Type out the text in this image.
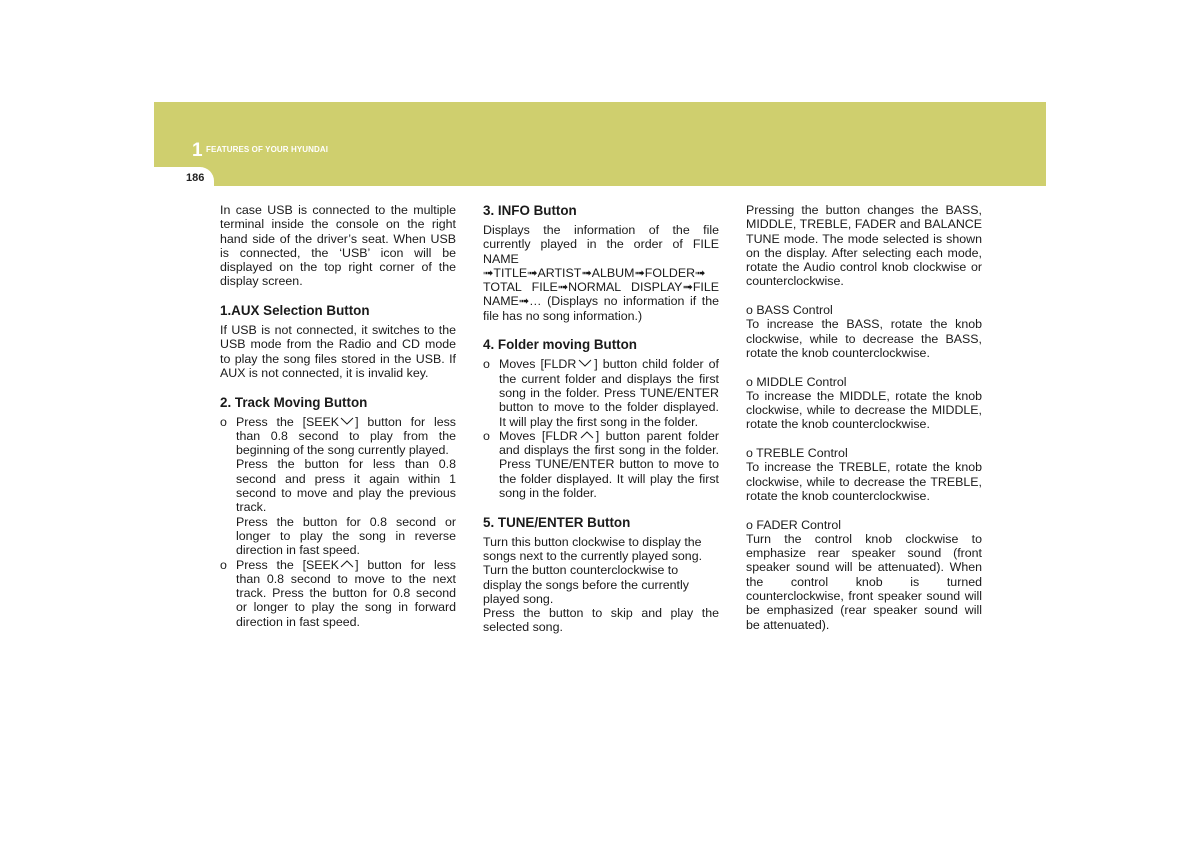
1 FEATURES OF YOUR HYUNDAI
186

In case USB is connected to the multiple terminal inside the console on the right hand side of the driver’s seat. When USB is connected, the ‘USB’ icon will be displayed on the top right corner of the display screen.

1.AUX Selection Button

If USB is not connected, it switches to the USB mode from the Radio and CD mode to play the song files stored in the USB. If AUX is not connected, it is invalid key.

2. Track Moving Button
o Press the [SEEK ] button for less than 0.8 second to play from the beginning of the song currently played.
Press the button for less than 0.8 second and press it again within 1 second to move and play the previous track.
Press the button for 0.8 second or longer to play the song in reverse direction in fast speed.
o Press the [SEEK ] button for less than 0.8 second to move to the next track. Press the button for 0.8 second or longer to play the song in forward direction in fast speed.
3. INFO Button

Displays the information of the file currently played in the order of FILE NAME ➟TITLE➟ARTIST➟ALBUM➟FOLDER➟ TOTAL FILE➟NORMAL DISPLAY➟FILE NAME➟… (Displays no information if the file has no song information.)

4. Folder moving Button
o Moves [FLDR ] button child folder of the current folder and displays the first song in the folder. Press TUNE/ENTER button to move to the folder displayed. It will play the first song in the folder.
o Moves [FLDR ] button parent folder and displays the first song in the folder. Press TUNE/ENTER button to move to the folder displayed. It will play the first song in the folder.
5. TUNE/ENTER Button
Turn this button clockwise to display the songs next to the currently played song. Turn the button counterclockwise to display the songs before the currently played song.
Press the button to skip and play the selected song.

Pressing the button changes the BASS, MIDDLE, TREBLE, FADER and BALANCE TUNE mode. The mode selected is shown on the display. After selecting each mode, rotate the Audio control knob clockwise or counterclockwise.

o BASS Control

To increase the BASS, rotate the knob clockwise, while to decrease the BASS, rotate the knob counterclockwise.

o MIDDLE Control

To increase the MIDDLE, rotate the knob clockwise, while to decrease the MIDDLE, rotate the knob counterclockwise.

o TREBLE Control

To increase the TREBLE, rotate the knob clockwise, while to decrease the TREBLE, rotate the knob counterclockwise.

o FADER Control

Turn the control knob clockwise to emphasize rear speaker sound (front speaker sound will be attenuated). When the control knob is turned counterclockwise, front speaker sound will be emphasized (rear speaker sound will be attenuated).
